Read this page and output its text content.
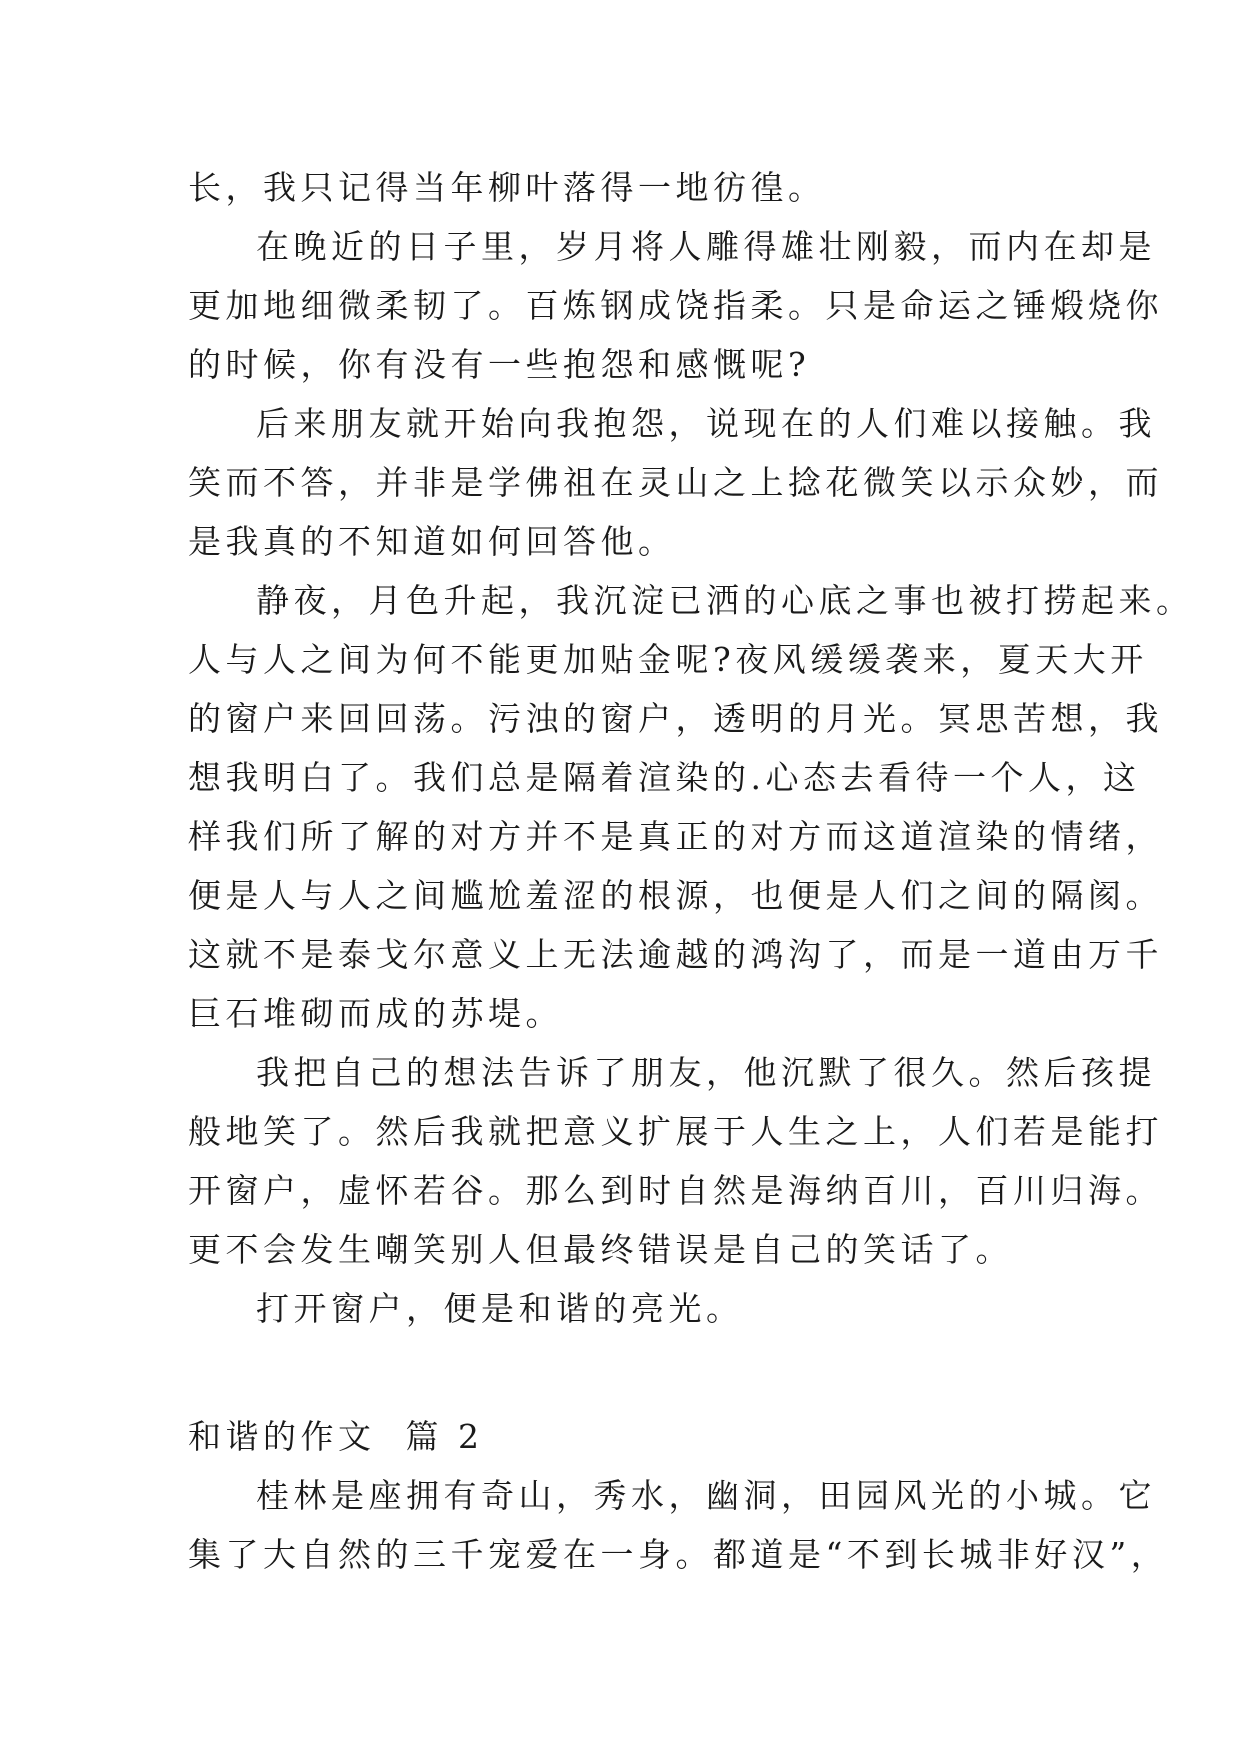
长，我只记得当年柳叶落得一地彷徨。
在晚近的日子里，岁月将人雕得雄壮刚毅，而内在却是
更加地细微柔韧了。百炼钢成饶指柔。只是命运之锤煅烧你
的时候，你有没有一些抱怨和感慨呢?
后来朋友就开始向我抱怨，说现在的人们难以接触。我
笑而不答，并非是学佛祖在灵山之上捻花微笑以示众妙，而
是我真的不知道如何回答他。
静夜，月色升起，我沉淀已洒的心底之事也被打捞起来。
人与人之间为何不能更加贴金呢?夜风缓缓袭来，夏天大开
的窗户来回回荡。污浊的窗户，透明的月光。冥思苦想，我
想我明白了。我们总是隔着渲染的.心态去看待一个人，这
样我们所了解的对方并不是真正的对方而这道渲染的情绪，
便是人与人之间尴尬羞涩的根源，也便是人们之间的隔阂。
这就不是泰戈尔意义上无法逾越的鸿沟了，而是一道由万千
巨石堆砌而成的苏堤。
我把自己的想法告诉了朋友，他沉默了很久。然后孩提
般地笑了。然后我就把意义扩展于人生之上，人们若是能打
开窗户，虚怀若谷。那么到时自然是海纳百川，百川归海。
更不会发生嘲笑别人但最终错误是自己的笑话了。
打开窗户，便是和谐的亮光。
和谐的作文  篇 2
桂林是座拥有奇山，秀水，幽洞，田园风光的小城。它
集了大自然的三千宠爱在一身。都道是“不到长城非好汉”，
